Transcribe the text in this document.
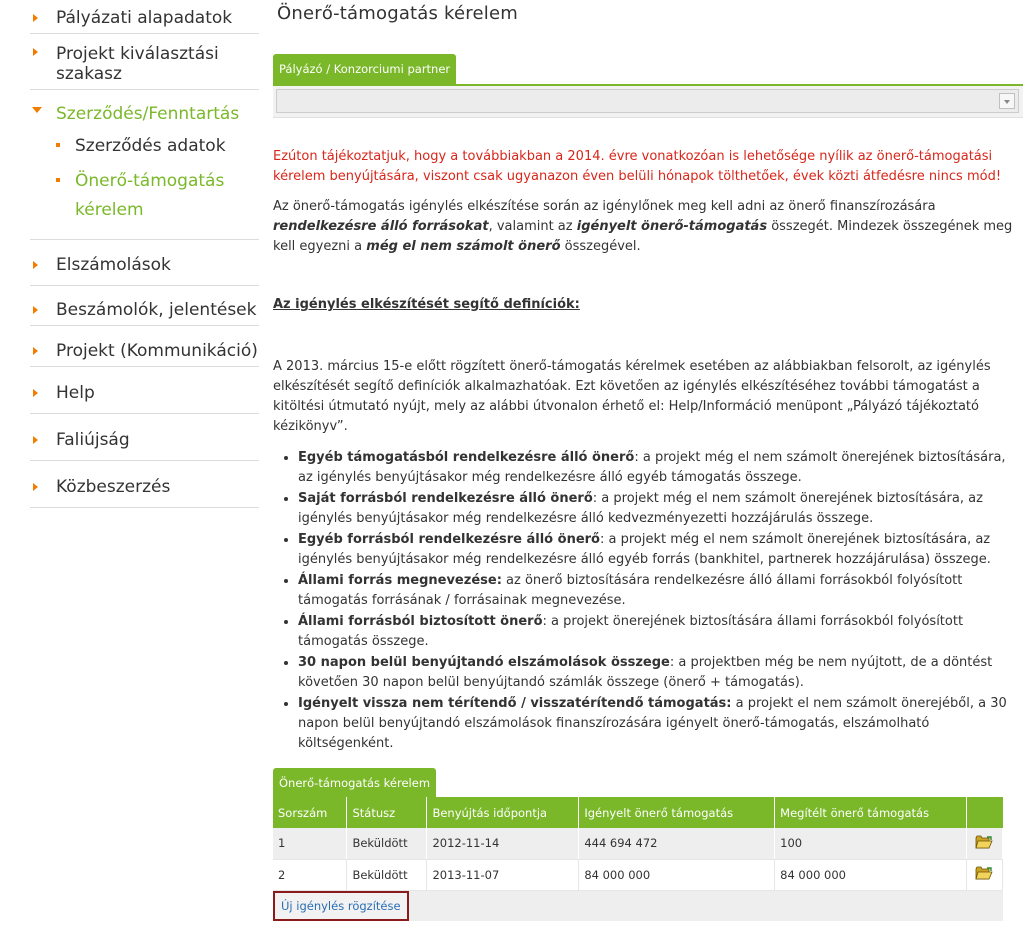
Pályázati alapadatok
Projekt kiválasztási szakasz
Szerződés/Fenntartás
Szerződés adatok
Önerő-támogatás kérelem
Elszámolások
Beszámolók, jelentések
Projekt (Kommunikáció)
Help
Faliújság
Közbeszerzés
Önerő-támogatás kérelem
Pályázó / Konzorciumi partner

Ezúton tájékoztatjuk, hogy a továbbiakban a 2014. évre vonatkozóan is lehetősége nyílik az önerő-támogatási kérelem benyújtására, viszont csak ugyanazon éven belüli hónapok tölthetőek, évek közti átfedésre nincs mód!

Az önerő-támogatás igénylés elkészítése során az igénylőnek meg kell adni az önerő finanszírozására rendelkezésre álló forrásokat, valamint az igényelt önerő-támogatás összegét. Mindezek összegének meg kell egyezni a még el nem számolt önerő összegével.

Az igénylés elkészítését segítő definíciók:

A 2013. március 15-e előtt rögzített önerő-támogatás kérelmek esetében az alábbiakban felsorolt, az igénylés elkészítését segítő definíciók alkalmazhatóak. Ezt követően az igénylés elkészítéséhez további támogatást a kitöltési útmutató nyújt, mely az alábbi útvonalon érhető el: Help/Információ menüpont „Pályázó tájékoztató kézikönyv”.

• Egyéb támogatásból rendelkezésre álló önerő: a projekt még el nem számolt önerejének biztosítására, az igénylés benyújtásakor még rendelkezésre álló egyéb támogatás összege.
• Saját forrásból rendelkezésre álló önerő: a projekt még el nem számolt önerejének biztosítására, az igénylés benyújtásakor még rendelkezésre álló kedvezményezetti hozzájárulás összege.
• Egyéb forrásból rendelkezésre álló önerő: a projekt még el nem számolt önerejének biztosítására, az igénylés benyújtásakor még rendelkezésre álló egyéb forrás (bankhitel, partnerek hozzájárulása) összege.
• Állami forrás megnevezése: az önerő biztosítására rendelkezésre álló állami forrásokból folyósított támogatás forrásának / forrásainak megnevezése.
• Állami forrásból biztosított önerő: a projekt önerejének biztosítására állami forrásokból folyósított támogatás összege.
• 30 napon belül benyújtandó elszámolások összege: a projektben még be nem nyújtott, de a döntést követően 30 napon belül benyújtandó számlák összege (önerő + támogatás).
• Igényelt vissza nem térítendő / visszatérítendő támogatás: a projekt el nem számolt önerejéből, a 30 napon belül benyújtandó elszámolások finanszírozására igényelt önerő-támogatás, elszámolható költségenként.
Önerő-támogatás kérelem
Sorszám	Státusz	Benyújtás időpontja	Igényelt önerő támogatás	Megítélt önerő támogatás	
1	Beküldött	2012-11-14	444 694 472	100	
2	Beküldött	2013-11-07	84 000 000	84 000 000	
Új igénylés rögzítése
